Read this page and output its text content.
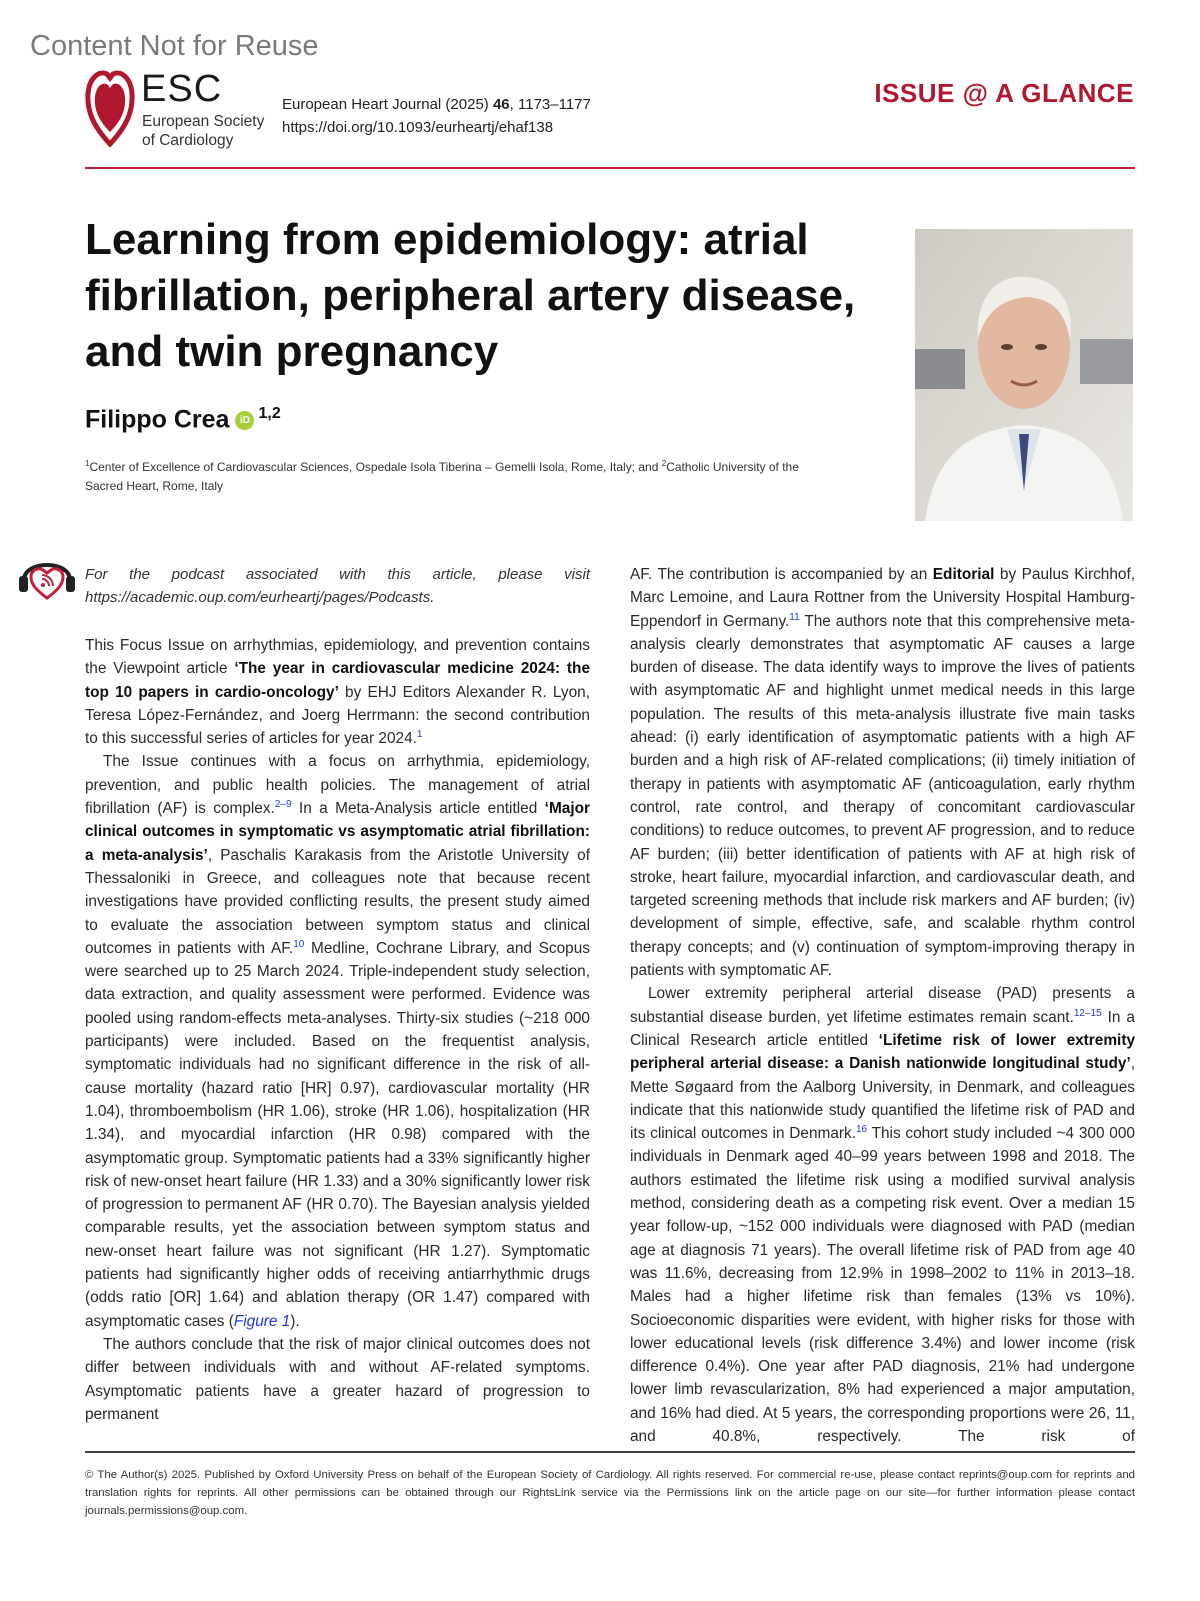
Content Not for Reuse
ESC
European Society
of Cardiology
European Heart Journal (2025) 46, 1173–1177
https://doi.org/10.1093/eurheartj/ehaf138
ISSUE @ A GLANCE
Learning from epidemiology: atrial fibrillation, peripheral artery disease, and twin pregnancy
Filippo Crea iD $^{1,2}$
$^1$Center of Excellence of Cardiovascular Sciences, Ospedale Isola Tiberina – Gemelli Isola, Rome, Italy; and $^2$Catholic University of the Sacred Heart, Rome, Italy
For the podcast associated with this article, please visit https://academic.oup.com/eurheartj/pages/Podcasts.

This Focus Issue on arrhythmias, epidemiology, and prevention contains the Viewpoint article ‘The year in cardiovascular medicine 2024: the top 10 papers in cardio-oncology’ by EHJ Editors Alexander R. Lyon, Teresa López-Fernández, and Joerg Herrmann: the second contribution to this successful series of articles for year 2024.$^1$

The Issue continues with a focus on arrhythmia, epidemiology, prevention, and public health policies. The management of atrial fibrillation (AF) is complex.$^{2-9}$ In a Meta-Analysis article entitled ‘Major clinical outcomes in symptomatic vs asymptomatic atrial fibrillation: a meta-analysis’, Paschalis Karakasis from the Aristotle University of Thessaloniki in Greece, and colleagues note that because recent investigations have provided conflicting results, the present study aimed to evaluate the association between symptom status and clinical outcomes in patients with AF.$^{10}$ Medline, Cochrane Library, and Scopus were searched up to 25 March 2024. Triple-independent study selection, data extraction, and quality assessment were performed. Evidence was pooled using random-effects meta-analyses. Thirty-six studies (~218 000 participants) were included. Based on the frequentist analysis, symptomatic individuals had no significant difference in the risk of all-cause mortality (hazard ratio [HR] 0.97), cardiovascular mortality (HR 1.04), thromboembolism (HR 1.06), stroke (HR 1.06), hospitalization (HR 1.34), and myocardial infarction (HR 0.98) compared with the asymptomatic group. Symptomatic patients had a 33% significantly higher risk of new-onset heart failure (HR 1.33) and a 30% significantly lower risk of progression to permanent AF (HR 0.70). The Bayesian analysis yielded comparable results, yet the association between symptom status and new-onset heart failure was not significant (HR 1.27). Symptomatic patients had significantly higher odds of receiving antiarrhythmic drugs (odds ratio [OR] 1.64) and ablation therapy (OR 1.47) compared with asymptomatic cases (Figure 1).

The authors conclude that the risk of major clinical outcomes does not differ between individuals with and without AF-related symptoms. Asymptomatic patients have a greater hazard of progression to permanent

AF. The contribution is accompanied by an Editorial by Paulus Kirchhof, Marc Lemoine, and Laura Rottner from the University Hospital Hamburg-Eppendorf in Germany.$^{11}$ The authors note that this comprehensive meta-analysis clearly demonstrates that asymptomatic AF causes a large burden of disease. The data identify ways to improve the lives of patients with asymptomatic AF and highlight unmet medical needs in this large population. The results of this meta-analysis illustrate five main tasks ahead: (i) early identification of asymptomatic patients with a high AF burden and a high risk of AF-related complications; (ii) timely initiation of therapy in patients with asymptomatic AF (anticoagulation, early rhythm control, rate control, and therapy of concomitant cardiovascular conditions) to reduce outcomes, to prevent AF progression, and to reduce AF burden; (iii) better identification of patients with AF at high risk of stroke, heart failure, myocardial infarction, and cardiovascular death, and targeted screening methods that include risk markers and AF burden; (iv) development of simple, effective, safe, and scalable rhythm control therapy concepts; and (v) continuation of symptom-improving therapy in patients with symptomatic AF.

Lower extremity peripheral arterial disease (PAD) presents a substantial disease burden, yet lifetime estimates remain scant.$^{12-15}$ In a Clinical Research article entitled ‘Lifetime risk of lower extremity peripheral arterial disease: a Danish nationwide longitudinal study’, Mette Søgaard from the Aalborg University, in Denmark, and colleagues indicate that this nationwide study quantified the lifetime risk of PAD and its clinical outcomes in Denmark.$^{16}$ This cohort study included ~4 300 000 individuals in Denmark aged 40–99 years between 1998 and 2018. The authors estimated the lifetime risk using a modified survival analysis method, considering death as a competing risk event. Over a median 15 year follow-up, ~152 000 individuals were diagnosed with PAD (median age at diagnosis 71 years). The overall lifetime risk of PAD from age 40 was 11.6%, decreasing from 12.9% in 1998–2002 to 11% in 2013–18. Males had a higher lifetime risk than females (13% vs 10%). Socioeconomic disparities were evident, with higher risks for those with lower educational levels (risk difference 3.4%) and lower income (risk difference 0.4%). One year after PAD diagnosis, 21% had undergone lower limb revascularization, 8% had experienced a major amputation, and 16% had died. At 5 years, the corresponding proportions were 26, 11, and 40.8%, respectively. The risk of

© The Author(s) 2025. Published by Oxford University Press on behalf of the European Society of Cardiology. All rights reserved. For commercial re-use, please contact reprints@oup.com for reprints and translation rights for reprints. All other permissions can be obtained through our RightsLink service via the Permissions link on the article page on our site—for further information please contact journals.permissions@oup.com.
